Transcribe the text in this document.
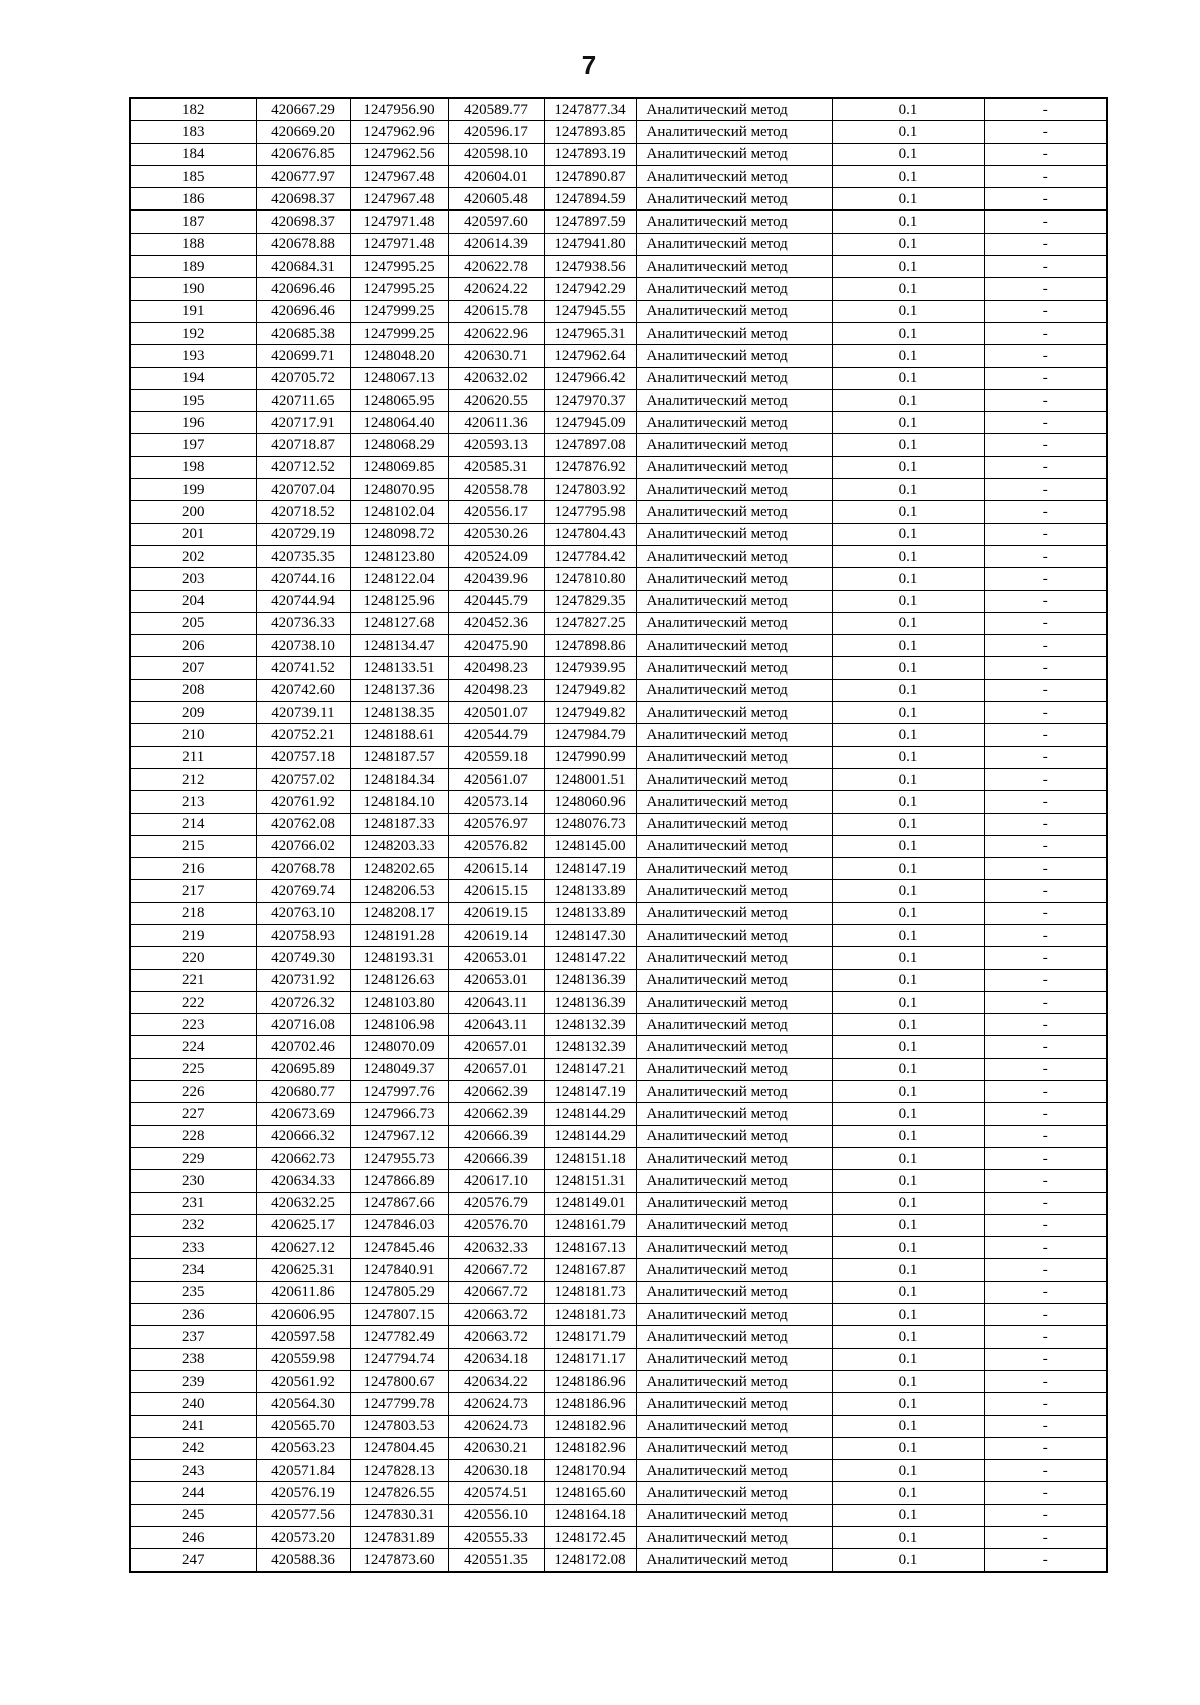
7
182	420667.29	1247956.90	420589.77	1247877.34	Аналитический метод	0.1	-
183	420669.20	1247962.96	420596.17	1247893.85	Аналитический метод	0.1	-
184	420676.85	1247962.56	420598.10	1247893.19	Аналитический метод	0.1	-
185	420677.97	1247967.48	420604.01	1247890.87	Аналитический метод	0.1	-
186	420698.37	1247967.48	420605.48	1247894.59	Аналитический метод	0.1	-
187	420698.37	1247971.48	420597.60	1247897.59	Аналитический метод	0.1	-
188	420678.88	1247971.48	420614.39	1247941.80	Аналитический метод	0.1	-
189	420684.31	1247995.25	420622.78	1247938.56	Аналитический метод	0.1	-
190	420696.46	1247995.25	420624.22	1247942.29	Аналитический метод	0.1	-
191	420696.46	1247999.25	420615.78	1247945.55	Аналитический метод	0.1	-
192	420685.38	1247999.25	420622.96	1247965.31	Аналитический метод	0.1	-
193	420699.71	1248048.20	420630.71	1247962.64	Аналитический метод	0.1	-
194	420705.72	1248067.13	420632.02	1247966.42	Аналитический метод	0.1	-
195	420711.65	1248065.95	420620.55	1247970.37	Аналитический метод	0.1	-
196	420717.91	1248064.40	420611.36	1247945.09	Аналитический метод	0.1	-
197	420718.87	1248068.29	420593.13	1247897.08	Аналитический метод	0.1	-
198	420712.52	1248069.85	420585.31	1247876.92	Аналитический метод	0.1	-
199	420707.04	1248070.95	420558.78	1247803.92	Аналитический метод	0.1	-
200	420718.52	1248102.04	420556.17	1247795.98	Аналитический метод	0.1	-
201	420729.19	1248098.72	420530.26	1247804.43	Аналитический метод	0.1	-
202	420735.35	1248123.80	420524.09	1247784.42	Аналитический метод	0.1	-
203	420744.16	1248122.04	420439.96	1247810.80	Аналитический метод	0.1	-
204	420744.94	1248125.96	420445.79	1247829.35	Аналитический метод	0.1	-
205	420736.33	1248127.68	420452.36	1247827.25	Аналитический метод	0.1	-
206	420738.10	1248134.47	420475.90	1247898.86	Аналитический метод	0.1	-
207	420741.52	1248133.51	420498.23	1247939.95	Аналитический метод	0.1	-
208	420742.60	1248137.36	420498.23	1247949.82	Аналитический метод	0.1	-
209	420739.11	1248138.35	420501.07	1247949.82	Аналитический метод	0.1	-
210	420752.21	1248188.61	420544.79	1247984.79	Аналитический метод	0.1	-
211	420757.18	1248187.57	420559.18	1247990.99	Аналитический метод	0.1	-
212	420757.02	1248184.34	420561.07	1248001.51	Аналитический метод	0.1	-
213	420761.92	1248184.10	420573.14	1248060.96	Аналитический метод	0.1	-
214	420762.08	1248187.33	420576.97	1248076.73	Аналитический метод	0.1	-
215	420766.02	1248203.33	420576.82	1248145.00	Аналитический метод	0.1	-
216	420768.78	1248202.65	420615.14	1248147.19	Аналитический метод	0.1	-
217	420769.74	1248206.53	420615.15	1248133.89	Аналитический метод	0.1	-
218	420763.10	1248208.17	420619.15	1248133.89	Аналитический метод	0.1	-
219	420758.93	1248191.28	420619.14	1248147.30	Аналитический метод	0.1	-
220	420749.30	1248193.31	420653.01	1248147.22	Аналитический метод	0.1	-
221	420731.92	1248126.63	420653.01	1248136.39	Аналитический метод	0.1	-
222	420726.32	1248103.80	420643.11	1248136.39	Аналитический метод	0.1	-
223	420716.08	1248106.98	420643.11	1248132.39	Аналитический метод	0.1	-
224	420702.46	1248070.09	420657.01	1248132.39	Аналитический метод	0.1	-
225	420695.89	1248049.37	420657.01	1248147.21	Аналитический метод	0.1	-
226	420680.77	1247997.76	420662.39	1248147.19	Аналитический метод	0.1	-
227	420673.69	1247966.73	420662.39	1248144.29	Аналитический метод	0.1	-
228	420666.32	1247967.12	420666.39	1248144.29	Аналитический метод	0.1	-
229	420662.73	1247955.73	420666.39	1248151.18	Аналитический метод	0.1	-
230	420634.33	1247866.89	420617.10	1248151.31	Аналитический метод	0.1	-
231	420632.25	1247867.66	420576.79	1248149.01	Аналитический метод	0.1	-
232	420625.17	1247846.03	420576.70	1248161.79	Аналитический метод	0.1	-
233	420627.12	1247845.46	420632.33	1248167.13	Аналитический метод	0.1	-
234	420625.31	1247840.91	420667.72	1248167.87	Аналитический метод	0.1	-
235	420611.86	1247805.29	420667.72	1248181.73	Аналитический метод	0.1	-
236	420606.95	1247807.15	420663.72	1248181.73	Аналитический метод	0.1	-
237	420597.58	1247782.49	420663.72	1248171.79	Аналитический метод	0.1	-
238	420559.98	1247794.74	420634.18	1248171.17	Аналитический метод	0.1	-
239	420561.92	1247800.67	420634.22	1248186.96	Аналитический метод	0.1	-
240	420564.30	1247799.78	420624.73	1248186.96	Аналитический метод	0.1	-
241	420565.70	1247803.53	420624.73	1248182.96	Аналитический метод	0.1	-
242	420563.23	1247804.45	420630.21	1248182.96	Аналитический метод	0.1	-
243	420571.84	1247828.13	420630.18	1248170.94	Аналитический метод	0.1	-
244	420576.19	1247826.55	420574.51	1248165.60	Аналитический метод	0.1	-
245	420577.56	1247830.31	420556.10	1248164.18	Аналитический метод	0.1	-
246	420573.20	1247831.89	420555.33	1248172.45	Аналитический метод	0.1	-
247	420588.36	1247873.60	420551.35	1248172.08	Аналитический метод	0.1	-
